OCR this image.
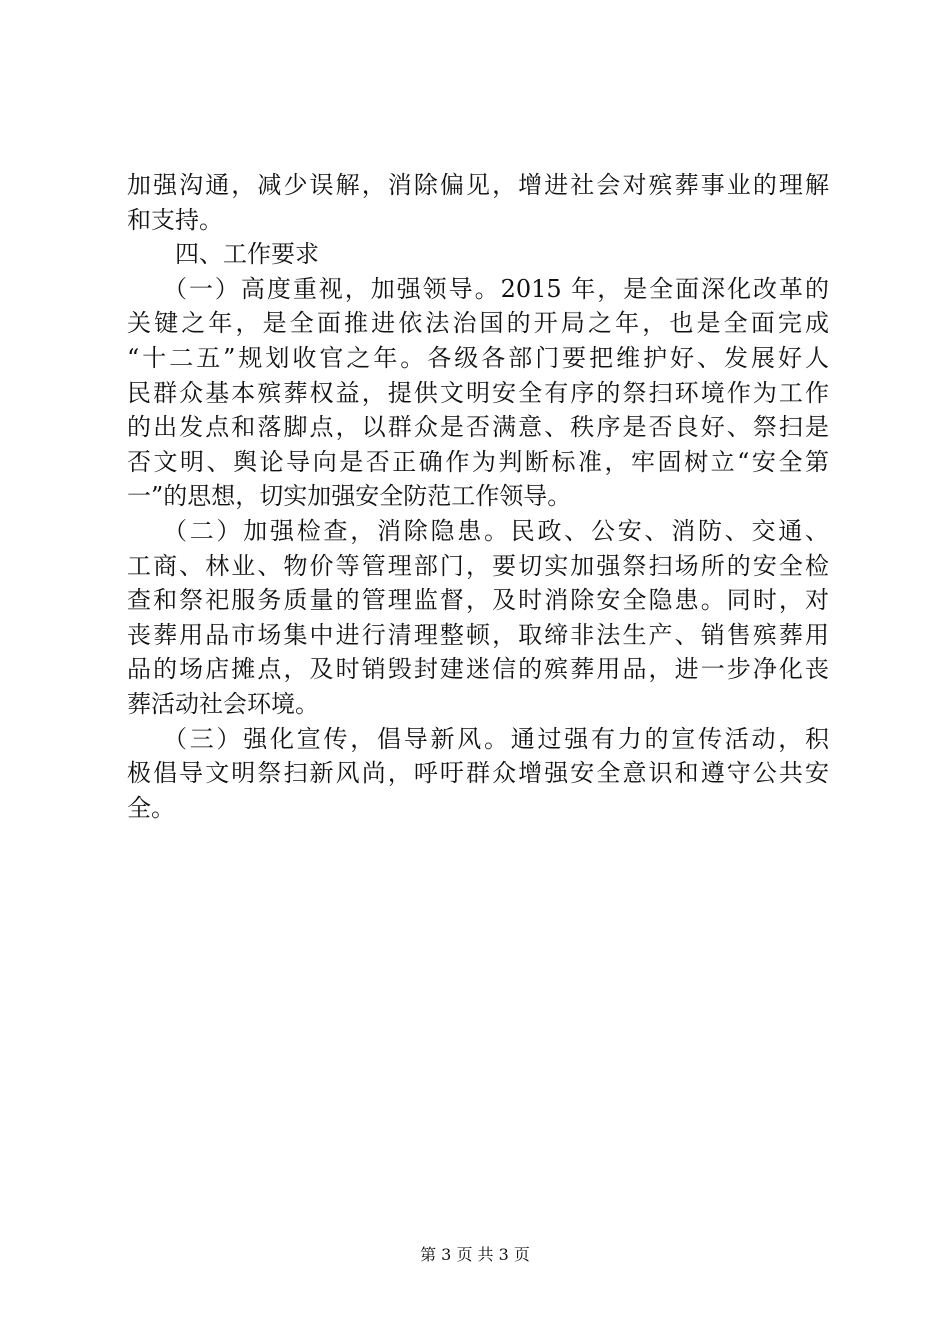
加强沟通，减少误解，消除偏见，增进社会对殡葬事业的理解
和支持。
四、工作要求
（一）高度重视，加强领导。2015 年，是全面深化改革的
关键之年，是全面推进依法治国的开局之年，也是全面完成
“十二五”规划收官之年。各级各部门要把维护好、发展好人
民群众基本殡葬权益，提供文明安全有序的祭扫环境作为工作
的出发点和落脚点，以群众是否满意、秩序是否良好、祭扫是
否文明、舆论导向是否正确作为判断标准，牢固树立“安全第
一”的思想，切实加强安全防范工作领导。
（二）加强检查，消除隐患。民政、公安、消防、交通、
工商、林业、物价等管理部门，要切实加强祭扫场所的安全检
查和祭祀服务质量的管理监督，及时消除安全隐患。同时，对
丧葬用品市场集中进行清理整顿，取缔非法生产、销售殡葬用
品的场店摊点，及时销毁封建迷信的殡葬用品，进一步净化丧
葬活动社会环境。
（三）强化宣传，倡导新风。通过强有力的宣传活动，积
极倡导文明祭扫新风尚，呼吁群众增强安全意识和遵守公共安
全。
第 3 页 共 3 页
